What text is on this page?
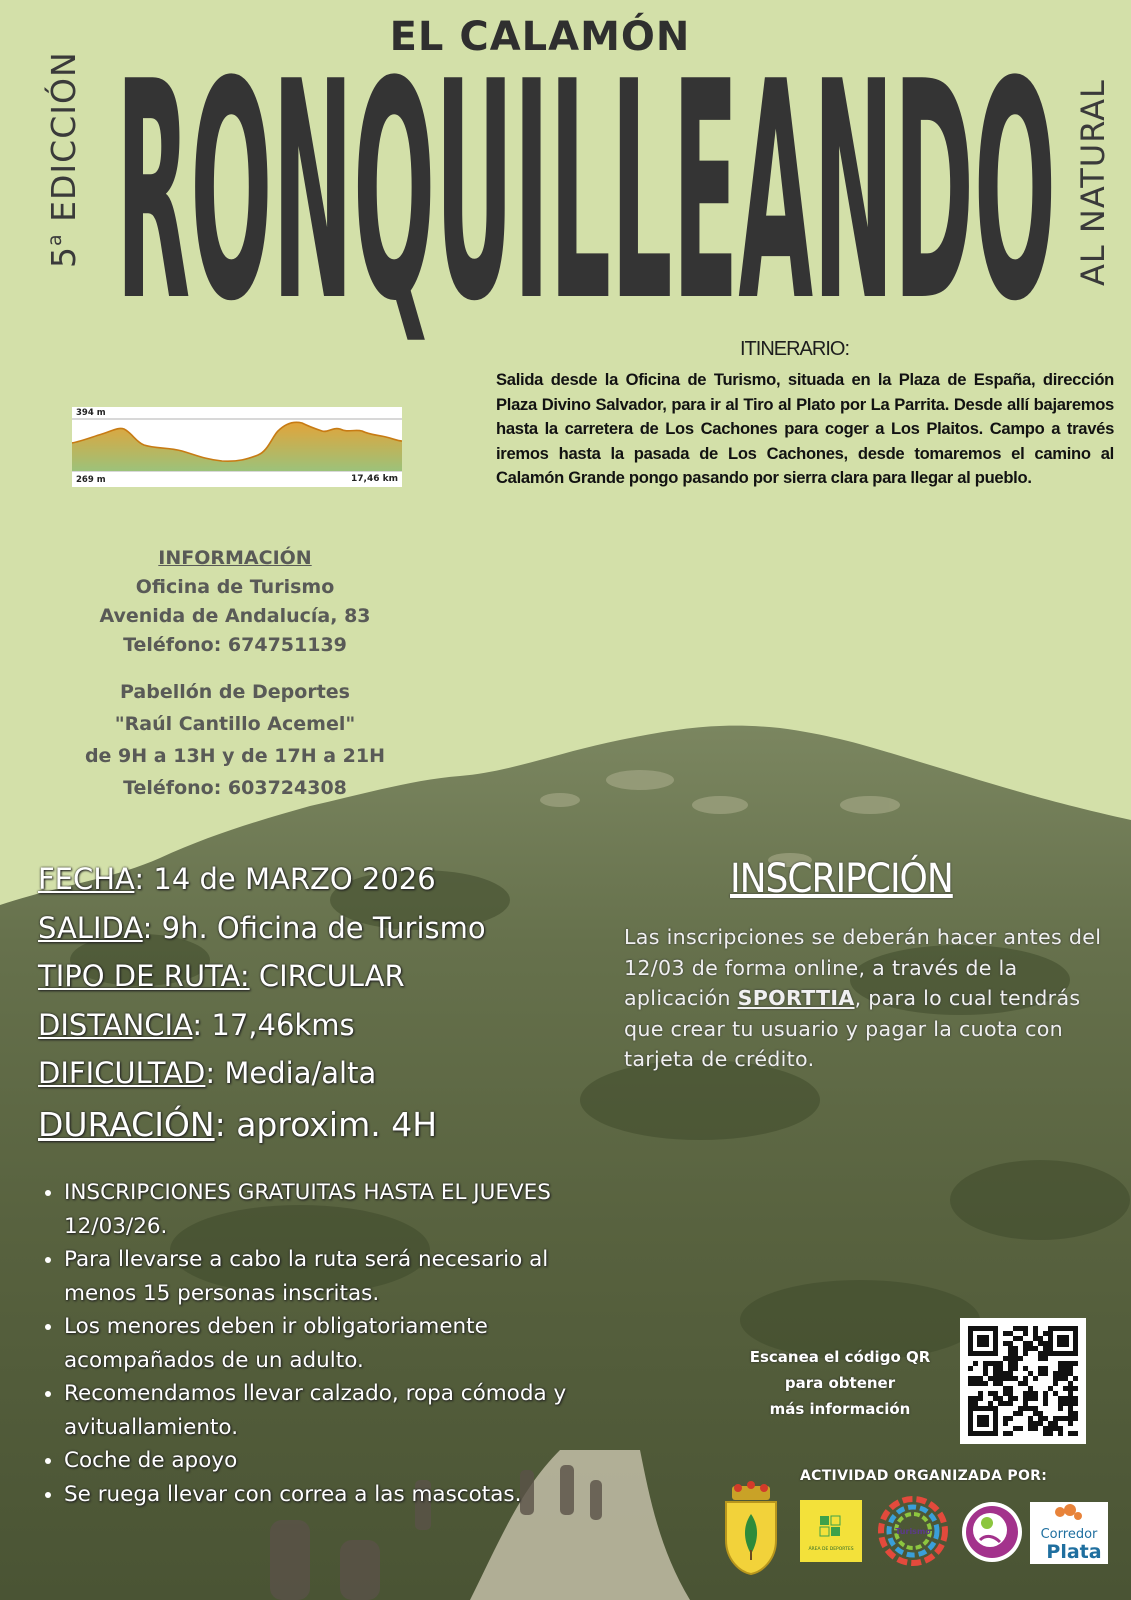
5$^a$ EDICCIÓN	AL NATURAL
EL CALAMÓN
RONQUILLEANDO
ITINERARIO:
Salida desde la Oficina de Turismo, situada en la Plaza de España, dirección Plaza Divino Salvador, para ir al Tiro al Plato por La Parrita. Desde allí bajaremos hasta la carretera de Los Cachones para coger a Los Plaitos. Campo a través iremos hasta la pasada de Los Cachones, desde tomaremos el camino al Calamón Grande pongo pasando por sierra clara para llegar al pueblo.
394 m
269 m	17,46 km
INFORMACIÓN
Oficina de Turismo
Avenida de Andalucía, 83
Teléfono: 674751139
Pabellón de Deportes
"Raúl Cantillo Acemel"
de 9H a 13H y de 17H a 21H
Teléfono: 603724308
FECHA: 14 de MARZO 2026
SALIDA: 9h. Oficina de Turismo
TIPO DE RUTA: CIRCULAR
DISTANCIA: 17,46kms
DIFICULTAD: Media/alta
DURACIÓN: aproxim. 4H
• INSCRIPCIONES GRATUITAS HASTA EL JUEVES 12/03/26.
• Para llevarse a cabo la ruta será necesario al menos 15 personas inscritas.
• Los menores deben ir obligatoriamente acompañados de un adulto.
• Recomendamos llevar calzado, ropa cómoda y avituallamiento.
• Coche de apoyo
• Se ruega llevar con correa a las mascotas.
INSCRIPCIÓN
Las inscripciones se deberán hacer antes del 12/03 de forma online, a través de la aplicación SPORTTIA, para lo cual tendrás que crear tu usuario y pagar la cuota con tarjeta de crédito.
Escanea el código QR
para obtener
más información
ACTIVIDAD ORGANIZADA POR:
ÁREA DE DEPORTES
Turismo	Corredor
Plata
